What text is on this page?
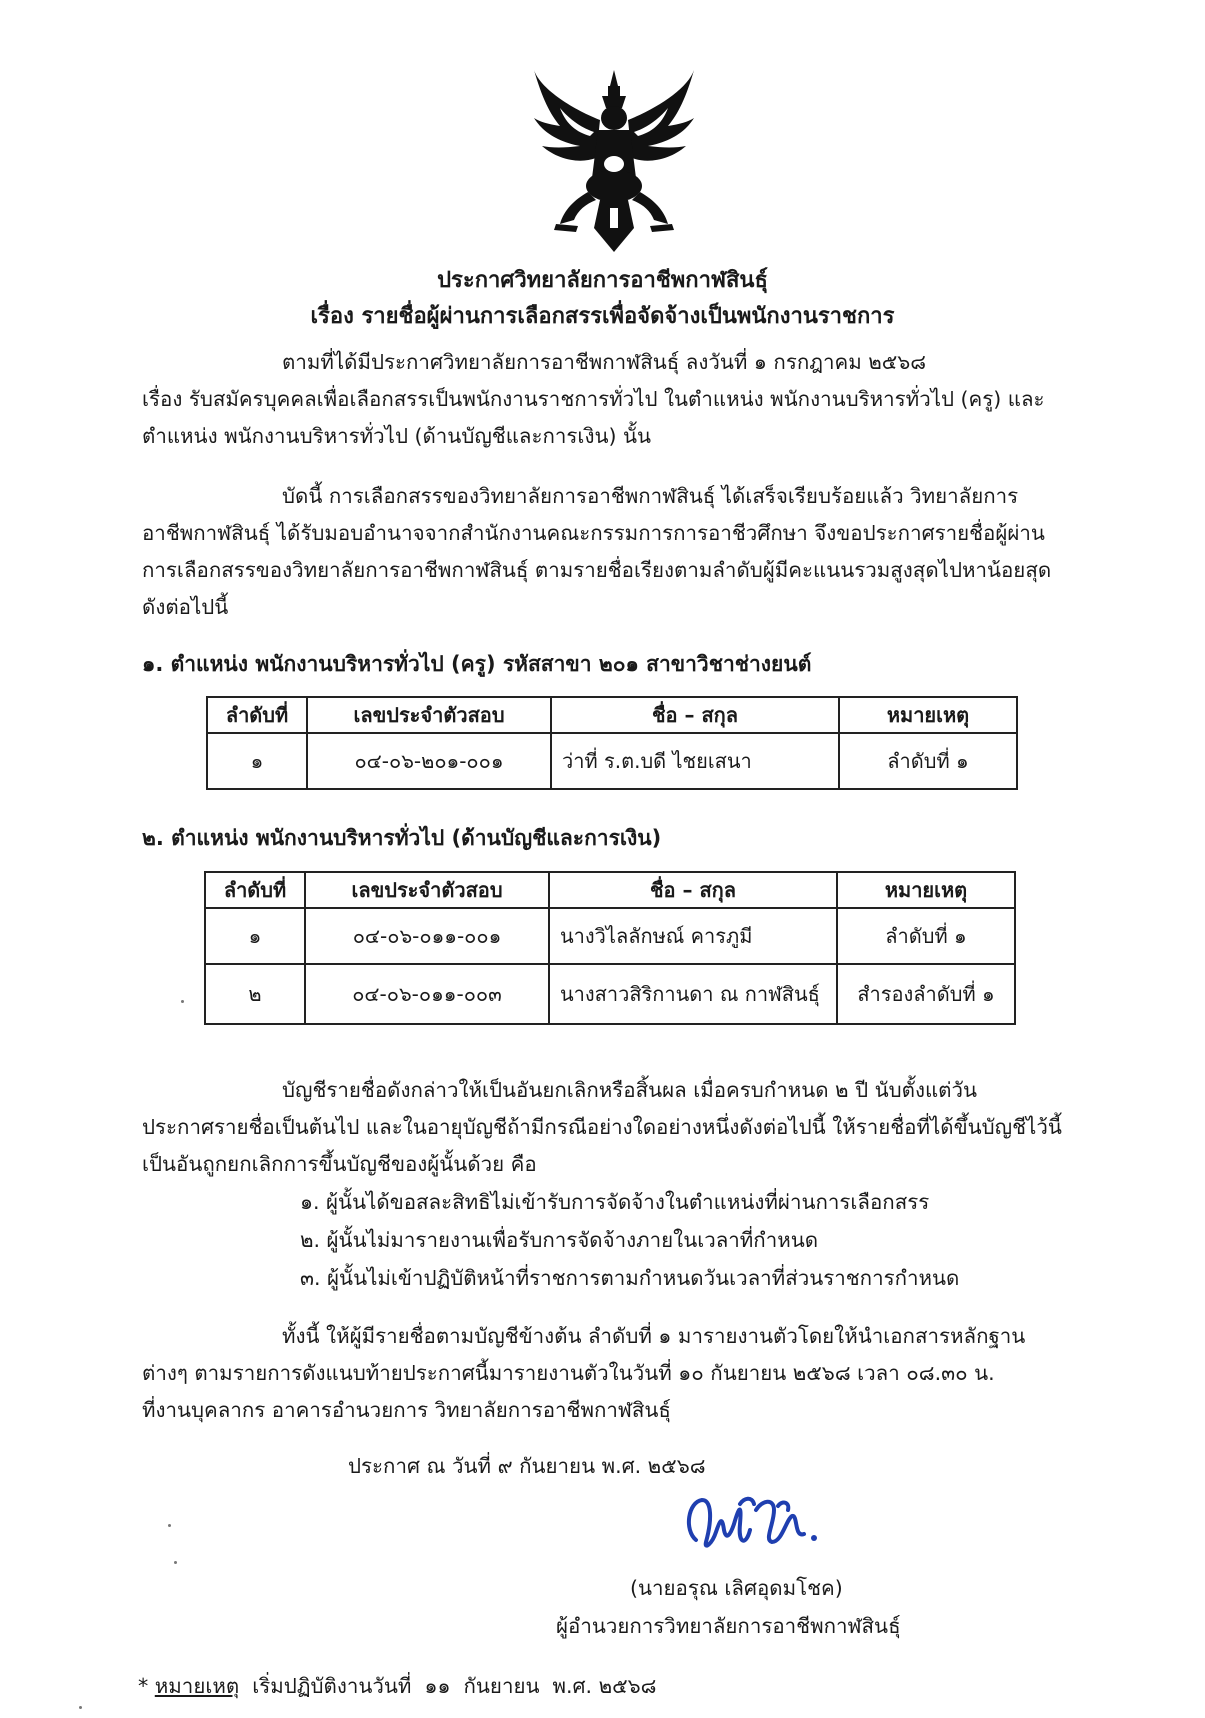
ประกาศวิทยาลัยการอาชีพกาฬสินธุ์
เรื่อง รายชื่อผู้ผ่านการเลือกสรรเพื่อจัดจ้างเป็นพนักงานราชการ
ตามที่ได้มีประกาศวิทยาลัยการอาชีพกาฬสินธุ์ ลงวันที่ ๑ กรกฎาคม ๒๕๖๘
เรื่อง รับสมัครบุคคลเพื่อเลือกสรรเป็นพนักงานราชการทั่วไป ในตำแหน่ง พนักงานบริหารทั่วไป (ครู) และ
ตำแหน่ง พนักงานบริหารทั่วไป (ด้านบัญชีและการเงิน) นั้น
บัดนี้ การเลือกสรรของวิทยาลัยการอาชีพกาฬสินธุ์ ได้เสร็จเรียบร้อยแล้ว วิทยาลัยการ
อาชีพกาฬสินธุ์ ได้รับมอบอำนาจจากสำนักงานคณะกรรมการการอาชีวศึกษา จึงขอประกาศรายชื่อผู้ผ่าน
การเลือกสรรของวิทยาลัยการอาชีพกาฬสินธุ์ ตามรายชื่อเรียงตามลำดับผู้มีคะแนนรวมสูงสุดไปหาน้อยสุด
ดังต่อไปนี้
๑. ตำแหน่ง พนักงานบริหารทั่วไป (ครู) รหัสสาขา ๒๐๑ สาขาวิชาช่างยนต์
ลำดับที่	เลขประจำตัวสอบ	ชื่อ – สกุล	หมายเหตุ
๑	๐๔-๐๖-๒๐๑-๐๐๑	ว่าที่ ร.ต.บดี ไชยเสนา	ลำดับที่ ๑
๒. ตำแหน่ง พนักงานบริหารทั่วไป (ด้านบัญชีและการเงิน)
ลำดับที่	เลขประจำตัวสอบ	ชื่อ – สกุล	หมายเหตุ
๑	๐๔-๐๖-๐๑๑-๐๐๑	นางวิไลลักษณ์ คารภูมี	ลำดับที่ ๑
๒	๐๔-๐๖-๐๑๑-๐๐๓	นางสาวสิริกานดา ณ กาฬสินธุ์	สำรองลำดับที่ ๑
บัญชีรายชื่อดังกล่าวให้เป็นอันยกเลิกหรือสิ้นผล เมื่อครบกำหนด ๒ ปี นับตั้งแต่วัน
ประกาศรายชื่อเป็นต้นไป และในอายุบัญชีถ้ามีกรณีอย่างใดอย่างหนึ่งดังต่อไปนี้ ให้รายชื่อที่ได้ขึ้นบัญชีไว้นี้
เป็นอันถูกยกเลิกการขึ้นบัญชีของผู้นั้นด้วย คือ
๑. ผู้นั้นได้ขอสละสิทธิไม่เข้ารับการจัดจ้างในตำแหน่งที่ผ่านการเลือกสรร
๒. ผู้นั้นไม่มารายงานเพื่อรับการจัดจ้างภายในเวลาที่กำหนด
๓. ผู้นั้นไม่เข้าปฏิบัติหน้าที่ราชการตามกำหนดวันเวลาที่ส่วนราชการกำหนด
ทั้งนี้ ให้ผู้มีรายชื่อตามบัญชีข้างต้น ลำดับที่ ๑ มารายงานตัวโดยให้นำเอกสารหลักฐาน
ต่างๆ ตามรายการดังแนบท้ายประกาศนี้มารายงานตัวในวันที่ ๑๐ กันยายน ๒๕๖๘ เวลา ๐๘.๓๐ น.
ที่งานบุคลากร อาคารอำนวยการ วิทยาลัยการอาชีพกาฬสินธุ์
ประกาศ ณ วันที่ ๙ กันยายน พ.ศ. ๒๕๖๘
(นายอรุณ เลิศอุดมโชค)
ผู้อำนวยการวิทยาลัยการอาชีพกาฬสินธุ์
* หมายเหตุ  เริ่มปฏิบัติงานวันที่  ๑๑  กันยายน  พ.ศ. ๒๕๖๘
